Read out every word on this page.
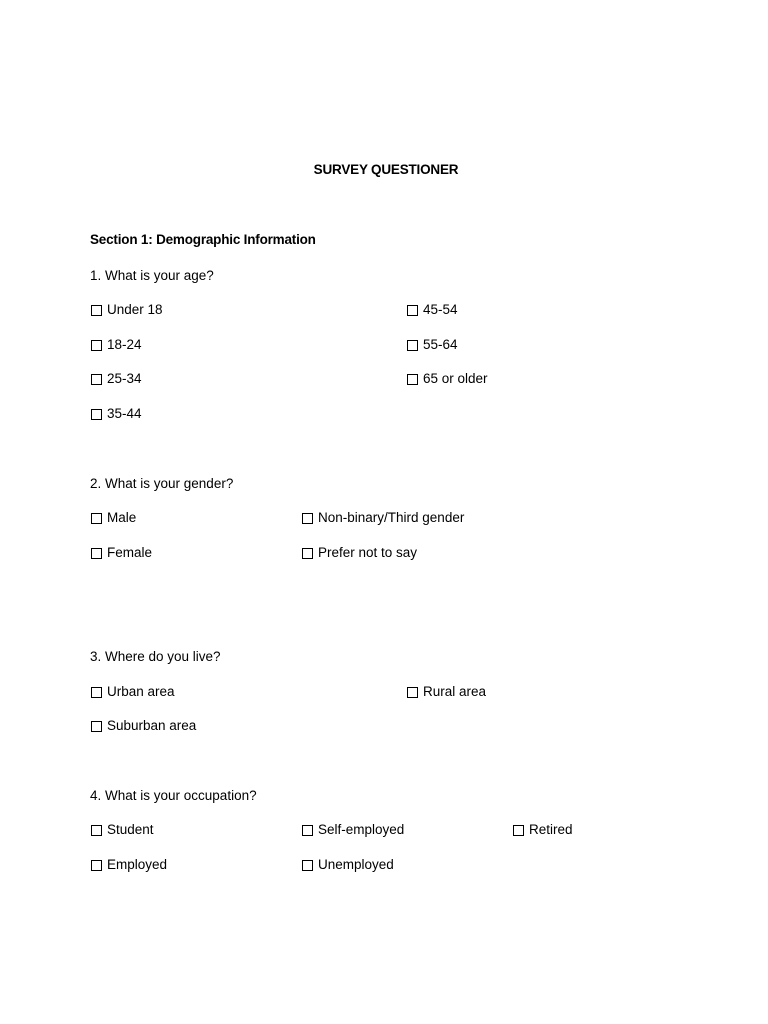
SURVEY QUESTIONER
Section 1: Demographic Information
1. What is your age?
Under 18
18-24
25-34
35-44
45-54
55-64
65 or older
2. What is your gender?
Male
Female
Non-binary/Third gender
Prefer not to say
3. Where do you live?
Urban area
Suburban area
Rural area
4. What is your occupation?
Student
Employed
Self-employed
Unemployed
Retired
